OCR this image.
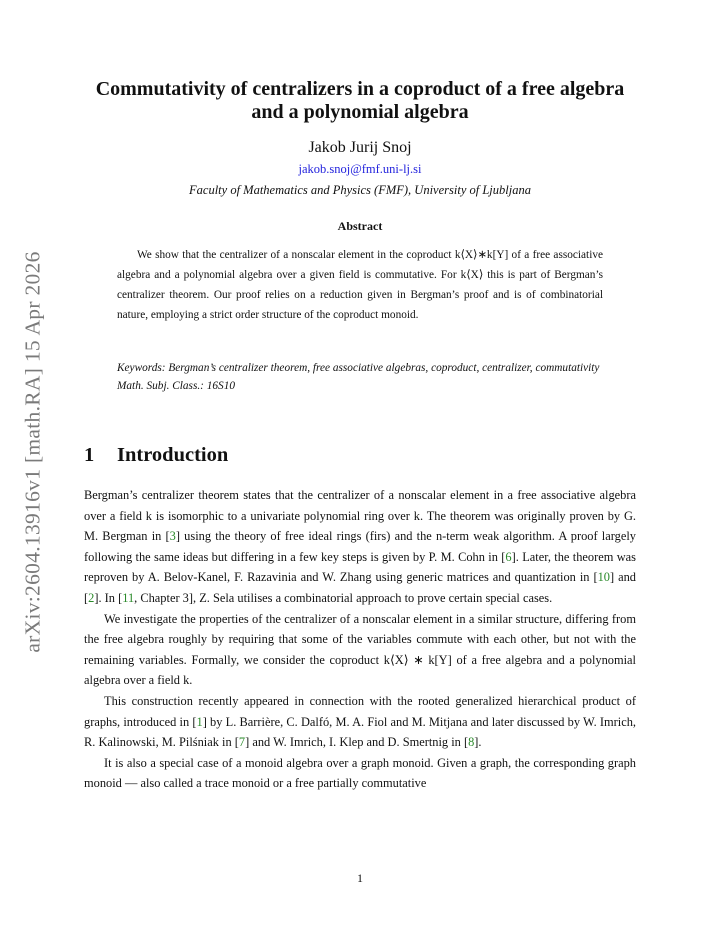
arXiv:2604.13916v1 [math.RA] 15 Apr 2026
Commutativity of centralizers in a coproduct of a free algebra and a polynomial algebra
Jakob Jurij Snoj
jakob.snoj@fmf.uni-lj.si
Faculty of Mathematics and Physics (FMF), University of Ljubljana
Abstract

We show that the centralizer of a nonscalar element in the coproduct k⟨X⟩∗k[Y] of a free associative algebra and a polynomial algebra over a given field is commutative. For k⟨X⟩ this is part of Bergman’s centralizer theorem. Our proof relies on a reduction given in Bergman’s proof and is of combinatorial nature, employing a strict order structure of the coproduct monoid.

Keywords: Bergman’s centralizer theorem, free associative algebras, coproduct, centralizer, commutativity

Math. Subj. Class.: 16S10

1 Introduction

Bergman’s centralizer theorem states that the centralizer of a nonscalar element in a free associative algebra over a field k is isomorphic to a univariate polynomial ring over k. The theorem was originally proven by G. M. Bergman in [3] using the theory of free ideal rings (firs) and the n-term weak algorithm. A proof largely following the same ideas but differing in a few key steps is given by P. M. Cohn in [6]. Later, the theorem was reproven by A. Belov-Kanel, F. Razavinia and W. Zhang using generic matrices and quantization in [10] and [2]. In [11, Chapter 3], Z. Sela utilises a combinatorial approach to prove certain special cases.

We investigate the properties of the centralizer of a nonscalar element in a similar structure, differing from the free algebra roughly by requiring that some of the variables commute with each other, but not with the remaining variables. Formally, we consider the coproduct k⟨X⟩ ∗ k[Y] of a free algebra and a polynomial algebra over a field k.

This construction recently appeared in connection with the rooted generalized hierarchical product of graphs, introduced in [1] by L. Barrière, C. Dalfó, M. A. Fiol and M. Mitjana and later discussed by W. Imrich, R. Kalinowski, M. Pilśniak in [7] and W. Imrich, I. Klep and D. Smertnig in [8].

It is also a special case of a monoid algebra over a graph monoid. Given a graph, the corresponding graph monoid — also called a trace monoid or a free partially commutative

1
